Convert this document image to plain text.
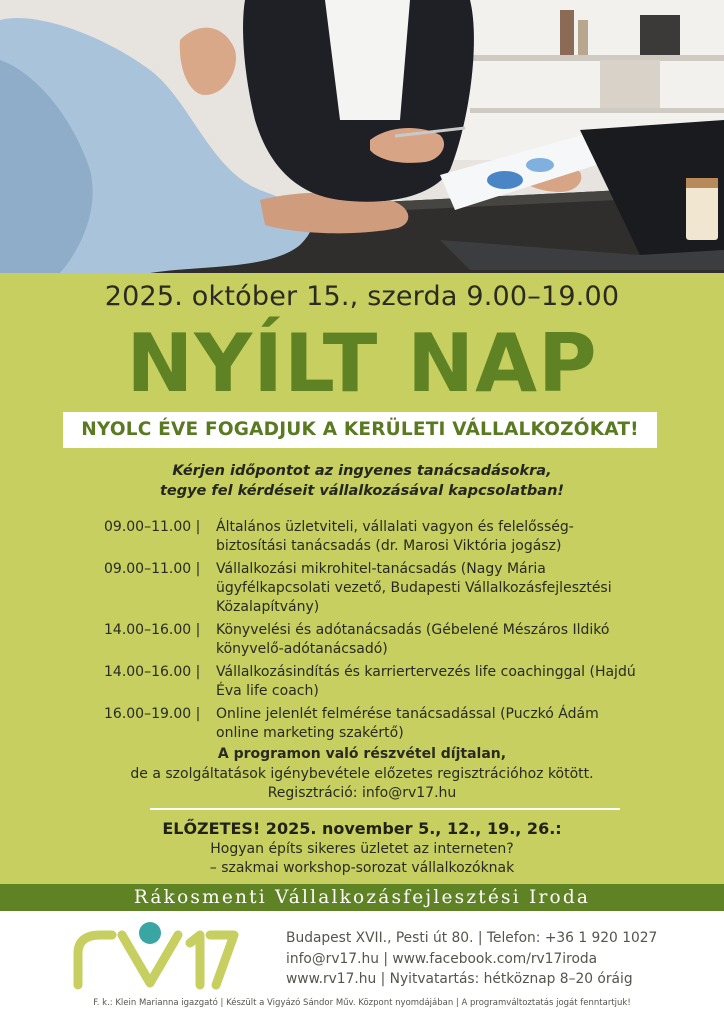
2025. október 15., szerda 9.00–19.00
NYÍLT NAP
NYOLC ÉVE FOGADJUK A KERÜLETI VÁLLALKOZÓKAT!
Kérjen időpontot az ingyenes tanácsadásokra,
tegye fel kérdéseit vállalkozásával kapcsolatban!
09.00–11.00 |	Általános üzletviteli, vállalati vagyon és felelősség-biztosítási tanácsadás (dr. Marosi Viktória jogász)
09.00–11.00 |	Vállalkozási mikrohitel-tanácsadás (Nagy Mária ügyfélkapcsolati vezető, Budapesti Vállalkozásfejlesztési Közalapítvány)
14.00–16.00 |	Könyvelési és adótanácsadás (Gébelené Mészáros Ildikó könyvelő-adótanácsadó)
14.00–16.00 |	Vállalkozásindítás és karriertervezés life coachinggal (Hajdú Éva life coach)
16.00–19.00 |	Online jelenlét felmérése tanácsadással (Puczkó Ádám online marketing szakértő)
A programon való részvétel díjtalan,
de a szolgáltatások igénybevétele előzetes regisztrációhoz kötött.
Regisztráció: info@rv17.hu
ELŐZETES! 2025. november 5., 12., 19., 26.:
Hogyan építs sikeres üzletet az interneten?
– szakmai workshop-sorozat vállalkozóknak
Rákosmenti Vállalkozásfejlesztési Iroda
Budapest XVII., Pesti út 80. | Telefon: +36 1 920 1027
info@rv17.hu | www.facebook.com/rv17iroda
www.rv17.hu | Nyitvatartás: hétköznap 8–20 óráig
F. k.: Klein Marianna igazgató | Készült a Vigyázó Sándor Műv. Központ nyomdájában | A programváltoztatás jogát fenntartjuk!
